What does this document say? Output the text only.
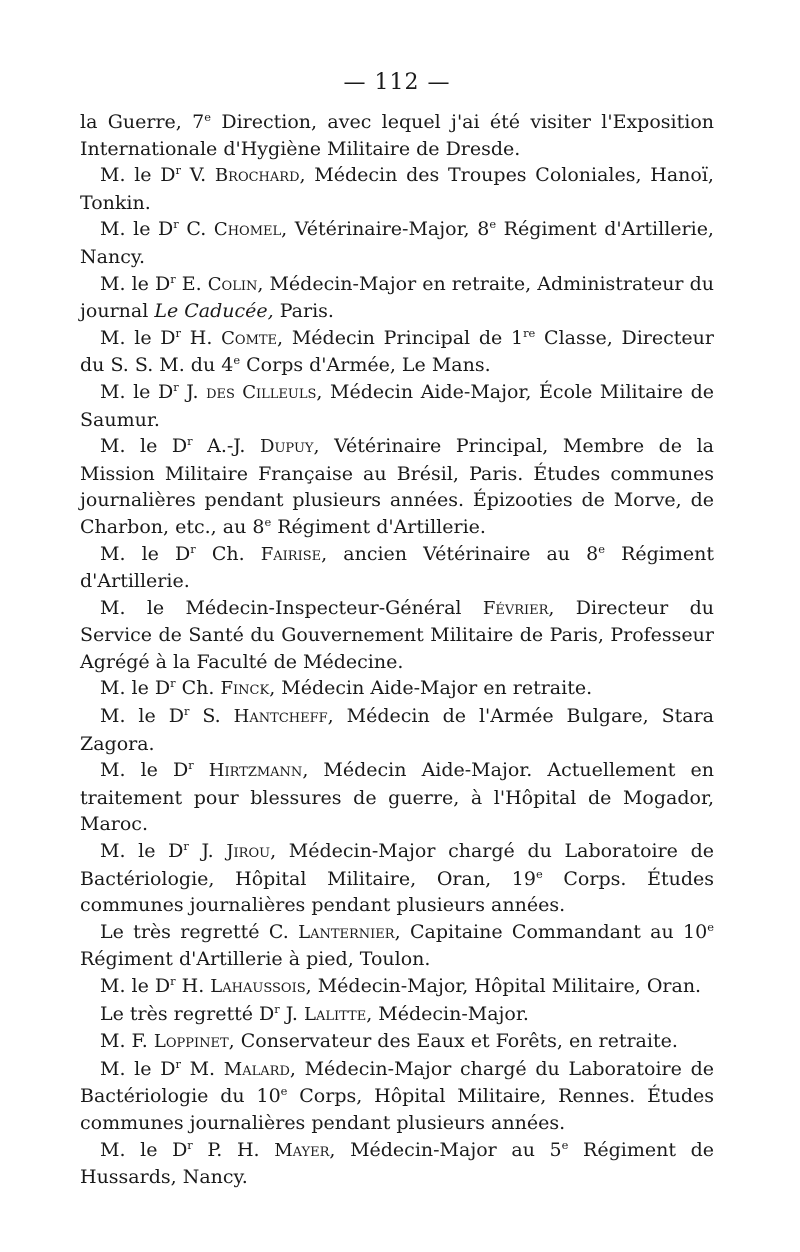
— 112 —

la Guerre, 7e Direction, avec lequel j'ai été visiter l'Exposition Internationale d'Hygiène Militaire de Dresde.

M. le $D^r$ V. Brochard, Médecin des Troupes Coloniales, Hanoï, Tonkin.

M. le $D^r$ C. Chomel, Vétérinaire-Major, 8e Régiment d'Artillerie, Nancy.

M. le $D^r$ E. Colin, Médecin-Major en retraite, Administrateur du journal Le Caducée, Paris.

M. le $D^r$ H. Comte, Médecin Principal de 1re Classe, Directeur du S. S. M. du 4e Corps d'Armée, Le Mans.

M. le $D^r$ J. des Cilleuls, Médecin Aide-Major, École Militaire de Saumur.

M. le $D^r$ A.-J. Dupuy, Vétérinaire Principal, Membre de la Mission Militaire Française au Brésil, Paris. Études communes journalières pendant plusieurs années. Épizooties de Morve, de Charbon, etc., au 8e Régiment d'Artillerie.

M. le $D^r$ Ch. Fairise, ancien Vétérinaire au 8e Régiment d'Artillerie.

M. le Médecin-Inspecteur-Général Février, Directeur du Service de Santé du Gouvernement Militaire de Paris, Professeur Agrégé à la Faculté de Médecine.

M. le $D^r$ Ch. Finck, Médecin Aide-Major en retraite.

M. le $D^r$ S. Hantcheff, Médecin de l'Armée Bulgare, Stara Zagora.

M. le $D^r$ Hirtzmann, Médecin Aide-Major. Actuellement en traitement pour blessures de guerre, à l'Hôpital de Mogador, Maroc.

M. le $D^r$ J. Jirou, Médecin-Major chargé du Laboratoire de Bactériologie, Hôpital Militaire, Oran, 19e Corps. Études communes journalières pendant plusieurs années.

Le très regretté C. Lanternier, Capitaine Commandant au 10e Régiment d'Artillerie à pied, Toulon.

M. le $D^r$ H. Lahaussois, Médecin-Major, Hôpital Militaire, Oran.

Le très regretté $D^r$ J. Lalitte, Médecin-Major.

M. F. Loppinet, Conservateur des Eaux et Forêts, en retraite.

M. le $D^r$ M. Malard, Médecin-Major chargé du Laboratoire de Bactériologie du 10e Corps, Hôpital Militaire, Rennes. Études communes journalières pendant plusieurs années.

M. le $D^r$ P. H. Mayer, Médecin-Major au 5e Régiment de Hussards, Nancy.
